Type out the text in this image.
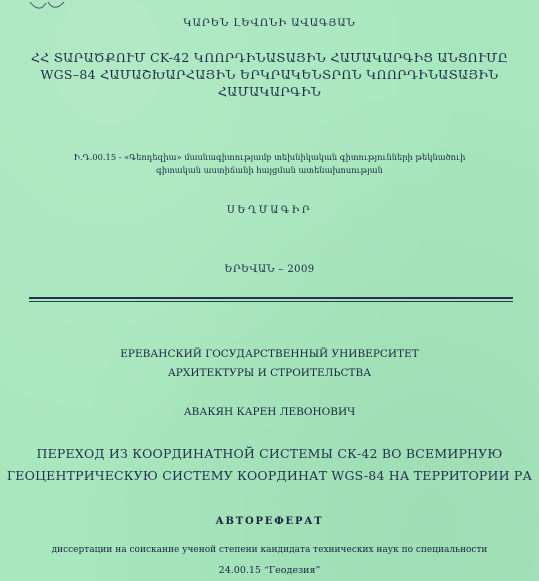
ԿԱՐԵՆ ԼԵՎՈՆԻ ԱՎԱԳՅԱՆ
ՀՀ ՏԱՐԱԾՔՈՒՄ CK-42 ԿՈՈՐԴԻՆԱՏԱՅԻՆ ՀԱՄԱԿԱՐԳԻՑ ԱՆՑՈՒՄԸ
WGS–84 ՀԱՄԱՇԽԱՐՀԱՅԻՆ ԵՐԿՐԱԿԵՆՏՐՈՆ ԿՈՈՐԴԻՆԱՏԱՅԻՆ
ՀԱՄԱԿԱՐԳԻՆ
Ի.Դ.00.15 - «Գեոդեզիա» մասնագիտությամբ տեխնիկական գիտությունների թեկնածուի
գիտական աստիճանի հայցման ատենախոսության
ՍԵՂՄԱԳԻՐ
ԵՐԵՎԱՆ – 2009
ЕРЕВАНСКИЙ ГОСУДАРСТВЕННЫЙ УНИВЕРСИТЕТ
АРХИТЕКТУРЫ И СТРОИТЕЛЬСТВА
АВАКЯН КАРЕН ЛЕВОНОВИЧ
ПЕРЕХОД ИЗ КООРДИНАТНОЙ СИСТЕМЫ СК-42 ВО ВСЕМИРНУЮ
ГЕОЦЕНТРИЧЕСКУЮ СИСТЕМУ КООРДИНАТ WGS-84 НА ТЕРРИТОРИИ РА
АВТОРЕФЕРАТ
диссертации на соискание ученой степени кандидата технических наук по специальности
24.00.15 “Геодезия”
